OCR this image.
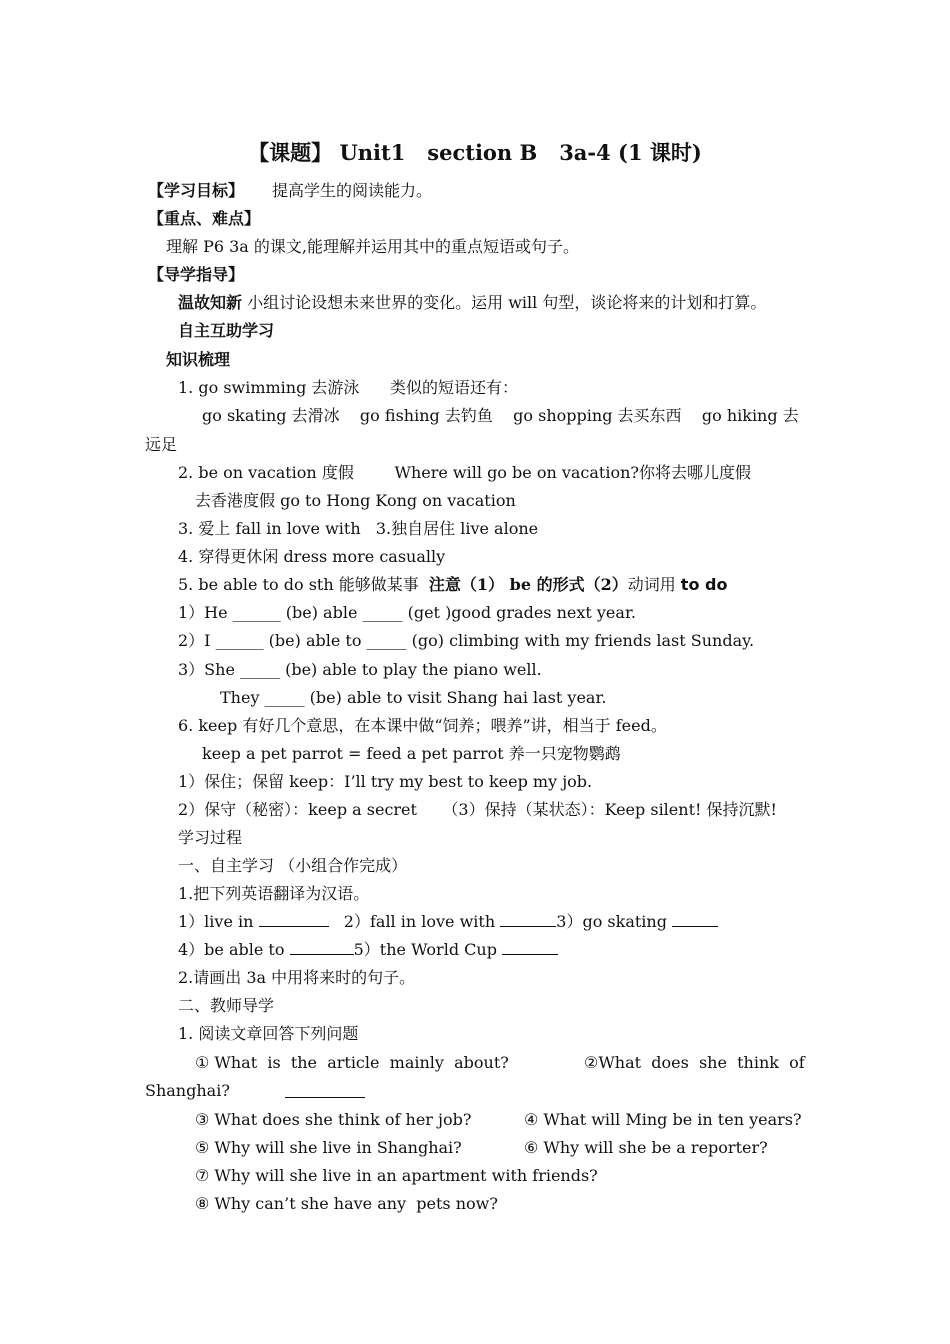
【课题】 Unit1   section B   3a-4 (1 课时)
【学习目标】 提高学生的阅读能力。
【重点、难点】
理解 P6 3a 的课文,能理解并运用其中的重点短语或句子。
【导学指导】
温故知新 小组讨论设想未来世界的变化。运用 will 句型，谈论将来的计划和打算。
自主互助学习
知识梳理
1. go swimming 去游泳      类似的短语还有：
go skating 去滑冰    go fishing 去钓鱼    go shopping 去买东西    go hiking 去
远足
2. be on vacation 度假        Where will go be on vacation?你将去哪儿度假
去香港度假 go to Hong Kong on vacation
3. 爱上 fall in love with   3.独自居住 live alone
4. 穿得更休闲 dress more casually
5. be able to do sth 能够做某事  注意（1） be 的形式（2）动词用 to do
1）He ______ (be) able _____ (get )good grades next year.
2）I ______ (be) able to _____ (go) climbing with my friends last Sunday.
3）She _____ (be) able to play the piano well.
They _____ (be) able to visit Shang hai last year.
6. keep 有好几个意思，在本课中做“饲养；喂养”讲，相当于 feed。
keep a pet parrot = feed a pet parrot 养一只宠物鹦鹉
1）保住；保留 keep：I’ll try my best to keep my job.
2）保守（秘密）：keep a secret     （3）保持（某状态）：Keep silent! 保持沉默!
学习过程
一、自主学习 （小组合作完成）
1.把下列英语翻译为汉语。
1）live in	2）fall in love with	3）go skating
4）be able to	5）the World Cup
2.请画出 3a 中用将来时的句子。
二、教师导学
1. 阅读文章回答下列问题
① What  is  the  article  mainly  about?	②What  does  she  think  of
Shanghai?
③ What does she think of her job?	④ What will Ming be in ten years?
⑤ Why will she live in Shanghai?	⑥ Why will she be a reporter?
⑦ Why will she live in an apartment with friends?
⑧ Why can’t she have any  pets now?
